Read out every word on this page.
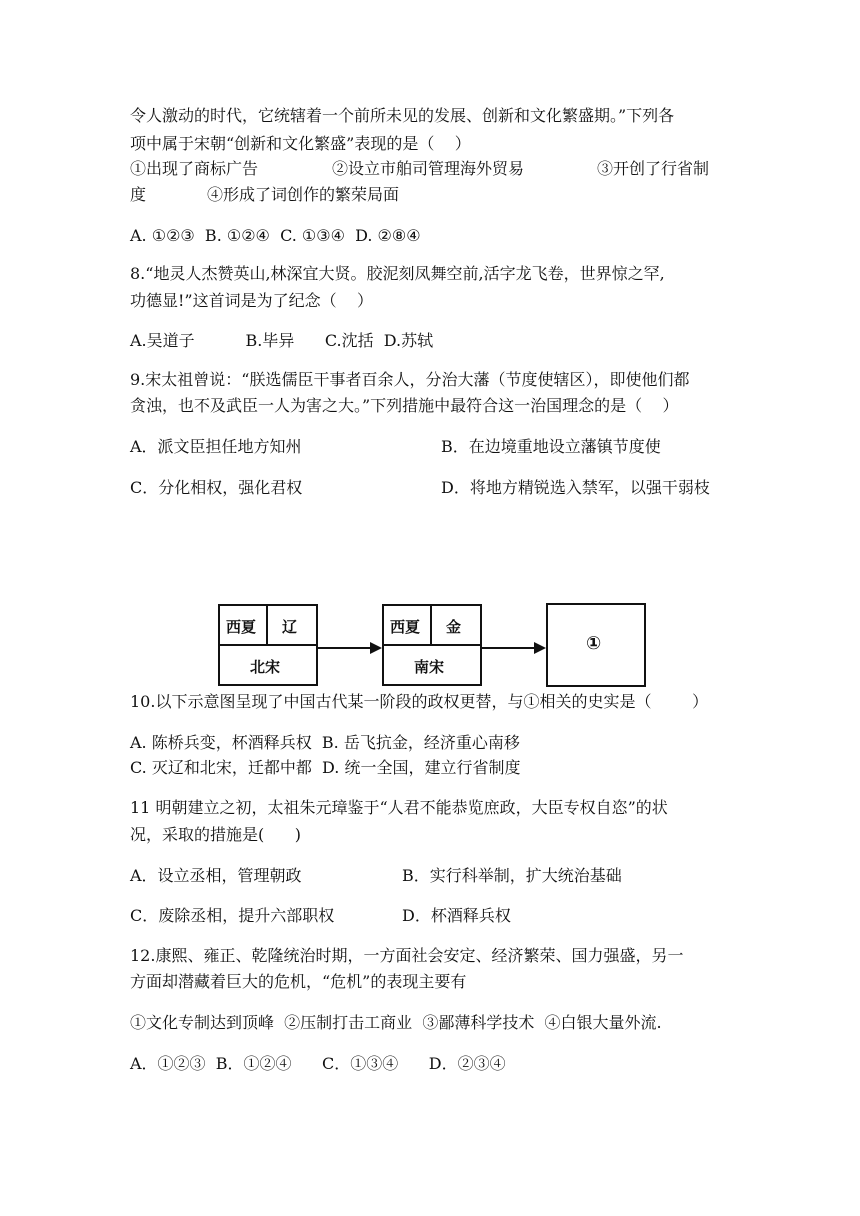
令人激动的时代，它统辖着一个前所未见的发展、创新和文化繁盛期。”下列各
项中属于宋朝“创新和文化繁盛”表现的是（    ）
①出现了商标广告	②设立市舶司管理海外贸易	③开创了行省制
度            ④形成了词创作的繁荣局面
A. ①②③  B. ①②④  C. ①③④  D. ②⑧④
8.“地灵人杰赞英山,林深宜大贤。胶泥刻凤舞空前,活字龙飞卷，世界惊之罕,
功德显!”这首词是为了纪念（    ）
A.吴道子          B.毕异      C.沈括  D.苏轼
9.宋太祖曾说：“朕选儒臣干事者百余人，分治大藩（节度使辖区），即使他们都
贪浊，也不及武臣一人为害之大。”下列措施中最符合这一治国理念的是（    ）
A．派文臣担任地方知州	B．在边境重地设立藩镇节度使
C．分化相权，强化君权	D．将地方精锐选入禁军，以强干弱枝
西夏 辽
北宋
西夏 金
南宋
①
10.以下示意图呈现了中国古代某一阶段的政权更替，与①相关的史实是（        ）
A. 陈桥兵变，杯酒释兵权  B. 岳飞抗金，经济重心南移
C. 灭辽和北宋，迁都中都  D. 统一全国，建立行省制度
11 明朝建立之初，太祖朱元璋鉴于“人君不能恭览庶政，大臣专权自恣”的状
况，采取的措施是(      )
A．设立丞相，管理朝政	B．实行科举制，扩大统治基础
C．废除丞相，提升六部职权	D．杯酒释兵权
12.康熙、雍正、乾隆统治时期，一方面社会安定、经济繁荣、国力强盛，另一
方面却潜藏着巨大的危机，“危机”的表现主要有
①文化专制达到顶峰  ②压制打击工商业  ③鄙薄科学技术  ④白银大量外流.
A．①②③  B．①②④      C．①③④      D．②③④
